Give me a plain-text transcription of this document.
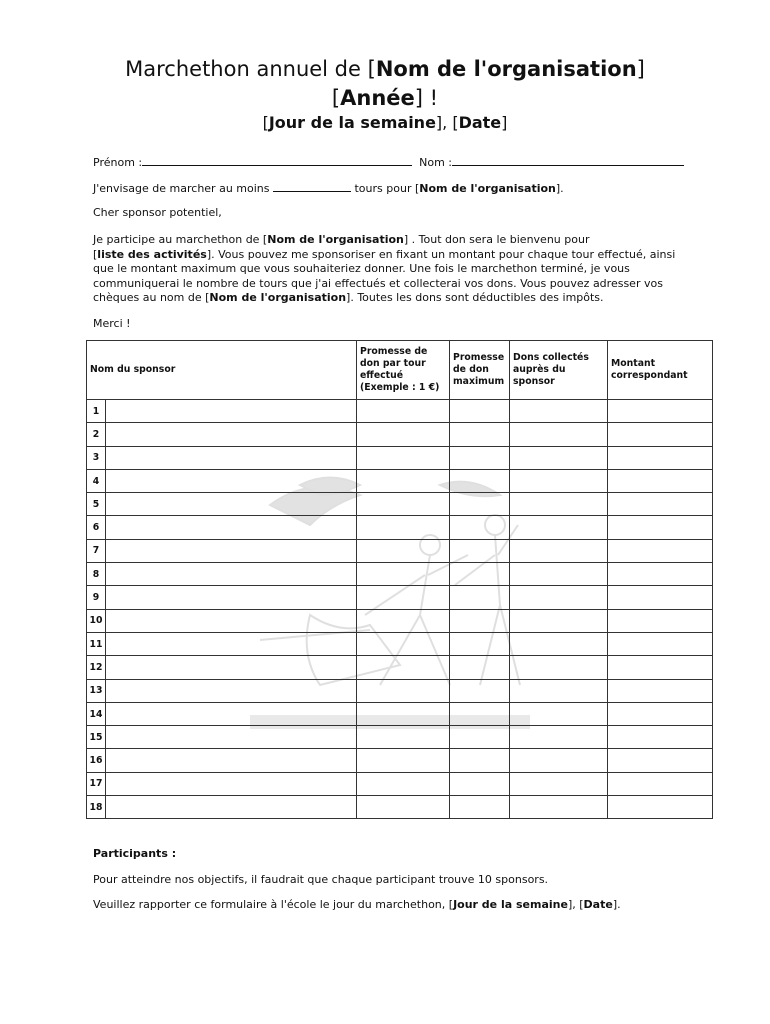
Marchethon annuel de [Nom de l'organisation]
[Année] !
[Jour de la semaine], [Date]
Prénom :	Nom :
J'envisage de marcher au moins	tours pour [Nom de l'organisation].
Cher sponsor potentiel,
Je participe au marchethon de [Nom de l'organisation] . Tout don sera le bienvenu pour
[liste des activités]. Vous pouvez me sponsoriser en fixant un montant pour chaque tour effectué, ainsi
que le montant maximum que vous souhaiteriez donner. Une fois le marchethon terminé, je vous
communiquerai le nombre de tours que j'ai effectués et collecterai vos dons. Vous pouvez adresser vos
chèques au nom de [Nom de l'organisation]. Toutes les dons sont déductibles des impôts.
Merci !
Nom du sponsor		Promesse de don par tour effectué (Exemple : 1 €)	Promesse de don maximum	Dons collectés auprès du sponsor	Montant correspondant
1					
2					
3					
4					
5					
6					
7					
8					
9					
10					
11					
12					
13					
14					
15					
16					
17					
18					
Participants :
Pour atteindre nos objectifs, il faudrait que chaque participant trouve 10 sponsors.
Veuillez rapporter ce formulaire à l'école le jour du marchethon, [Jour de la semaine], [Date].
